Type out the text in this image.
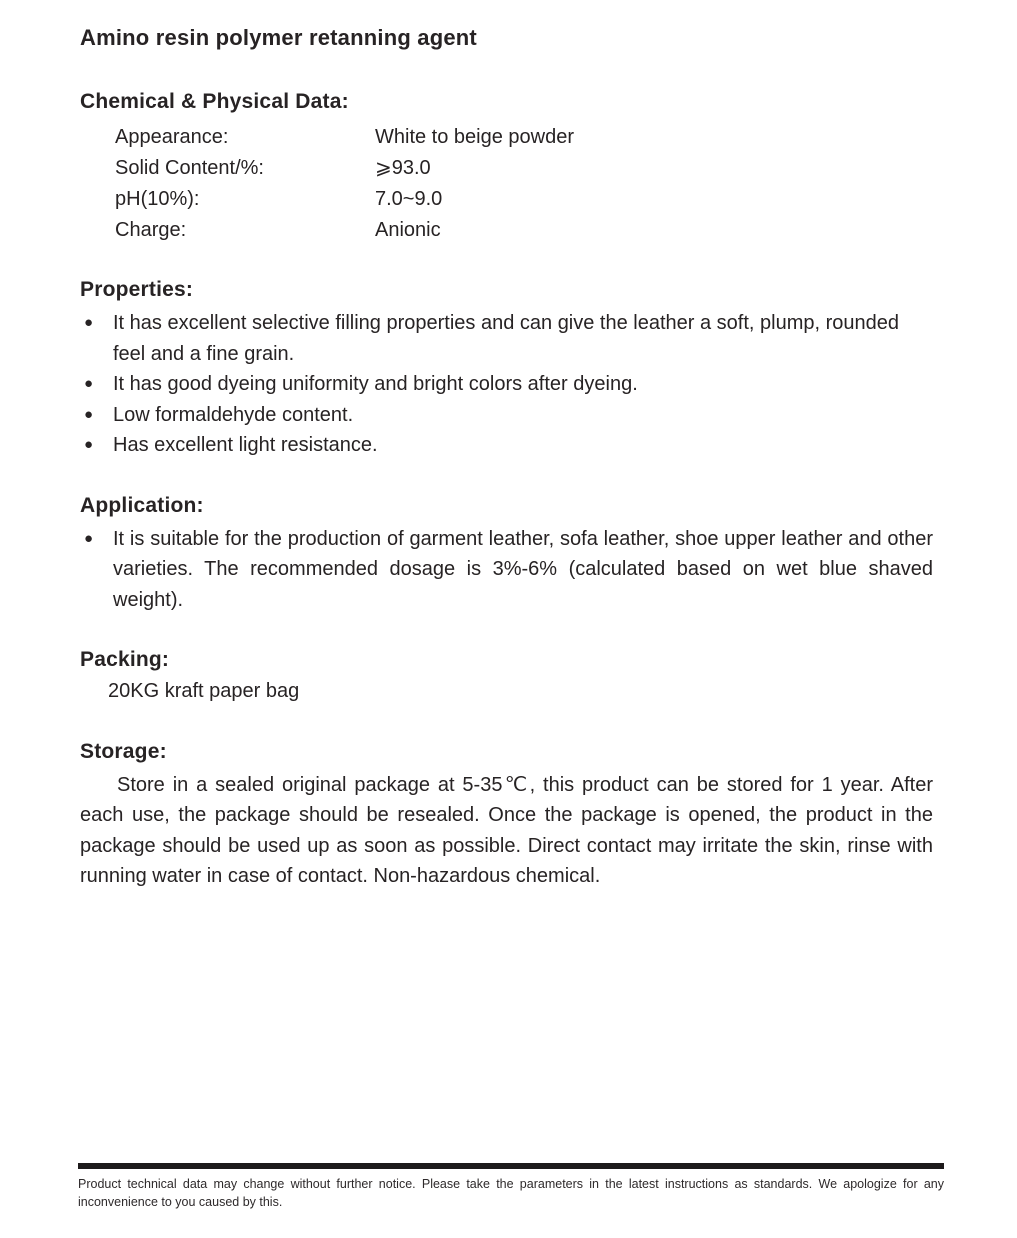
Amino resin polymer retanning agent
Chemical & Physical Data:
Appearance:	White to beige powder
Solid Content/%:	⩾93.0
pH(10%):	7.0~9.0
Charge:	Anionic
Properties:
● It has excellent selective filling properties and can give the leather a soft, plump, rounded feel and a fine grain.
● It has good dyeing uniformity and bright colors after dyeing.
● Low formaldehyde content.
● Has excellent light resistance.
Application:
● It is suitable for the production of garment leather, sofa leather, shoe upper leather and other varieties. The recommended dosage is 3%-6% (calculated based on wet blue shaved weight).
Packing:

20KG kraft paper bag

Storage:

Store in a sealed original package at 5-35℃, this product can be stored for 1 year. After each use, the package should be resealed. Once the package is opened, the product in the package should be used up as soon as possible. Direct contact may irritate the skin, rinse with running water in case of contact. Non-hazardous chemical.

Product technical data may change without further notice. Please take the parameters in the latest instructions as standards. We apologize for any inconvenience to you caused by this.
